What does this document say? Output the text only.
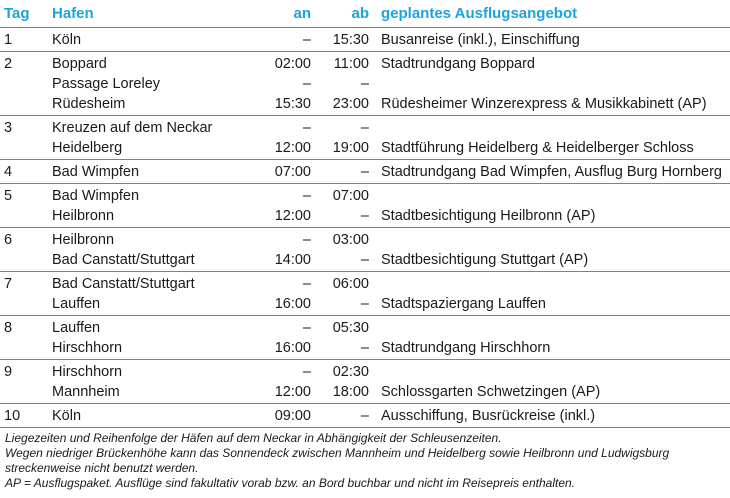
Tag	Hafen	an	ab geplantes Ausflugsangebot
1	Köln	–	15:30 Busanreise (inkl.), Einschiffung
2	Boppard	02:00	11:00 Stadtrundgang Boppard
Passage Loreley	–	–
Rüdesheim	15:30	23:00 Rüdesheimer Winzerexpress & Musikkabinett (AP)
3	Kreuzen auf dem Neckar	–	–
Heidelberg	12:00	19:00 Stadtführung Heidelberg & Heidelberger Schloss
4	Bad Wimpfen	07:00	– Stadtrundgang Bad Wimpfen, Ausflug Burg Hornberg
5	Bad Wimpfen	–	07:00
Heilbronn	12:00	– Stadtbesichtigung Heilbronn (AP)
6	Heilbronn	–	03:00
Bad Canstatt/Stuttgart	14:00	– Stadtbesichtigung Stuttgart (AP)
7	Bad Canstatt/Stuttgart	–	06:00
Lauffen	16:00	– Stadtspaziergang Lauffen
8	Lauffen	–	05:30
Hirschhorn	16:00	– Stadtrundgang Hirschhorn
9	Hirschhorn	–	02:30
Mannheim	12:00	18:00 Schlossgarten Schwetzingen (AP)
10	Köln	09:00	– Ausschiffung, Busrückreise (inkl.)
Liegezeiten und Reihenfolge der Häfen auf dem Neckar in Abhängigkeit der Schleusenzeiten.
Wegen niedriger Brückenhöhe kann das Sonnendeck zwischen Mannheim und Heidelberg sowie Heilbronn und Ludwigsburg
streckenweise nicht benutzt werden.
AP = Ausflugspaket. Ausflüge sind fakultativ vorab bzw. an Bord buchbar und nicht im Reisepreis enthalten.
